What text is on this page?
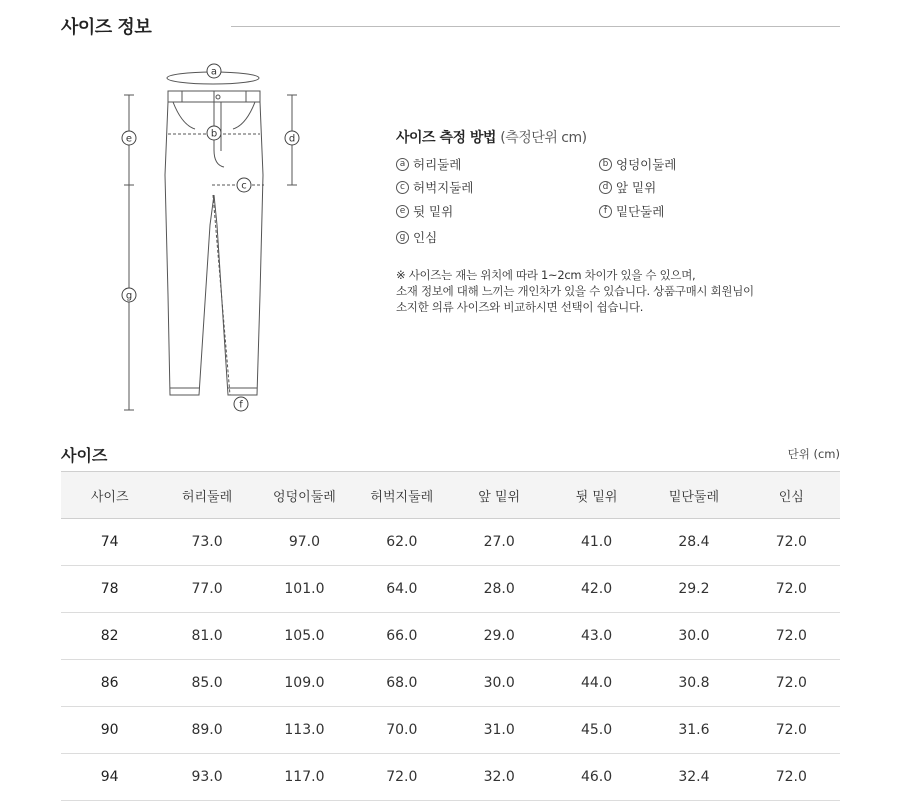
사이즈 정보
a
b
c
d
e
f
g
사이즈 측정 방법 (측정단위 cm)
a 허리둘레	b 엉덩이둘레
c 허벅지둘레	d 앞 밑위
e 뒷 밑위	f 밑단둘레
g 인심
※ 사이즈는 재는 위치에 따라 1~2cm 차이가 있을 수 있으며,
소재 정보에 대해 느끼는 개인차가 있을 수 있습니다. 상품구매시 회원님이
소지한 의류 사이즈와 비교하시면 선택이 쉽습니다.
사이즈	단위 (cm)
사이즈	허리둘레	엉덩이둘레	허벅지둘레	앞 밑위	뒷 밑위	밑단둘레	인심
74	73.0	97.0	62.0	27.0	41.0	28.4	72.0
78	77.0	101.0	64.0	28.0	42.0	29.2	72.0
82	81.0	105.0	66.0	29.0	43.0	30.0	72.0
86	85.0	109.0	68.0	30.0	44.0	30.8	72.0
90	89.0	113.0	70.0	31.0	45.0	31.6	72.0
94	93.0	117.0	72.0	32.0	46.0	32.4	72.0
